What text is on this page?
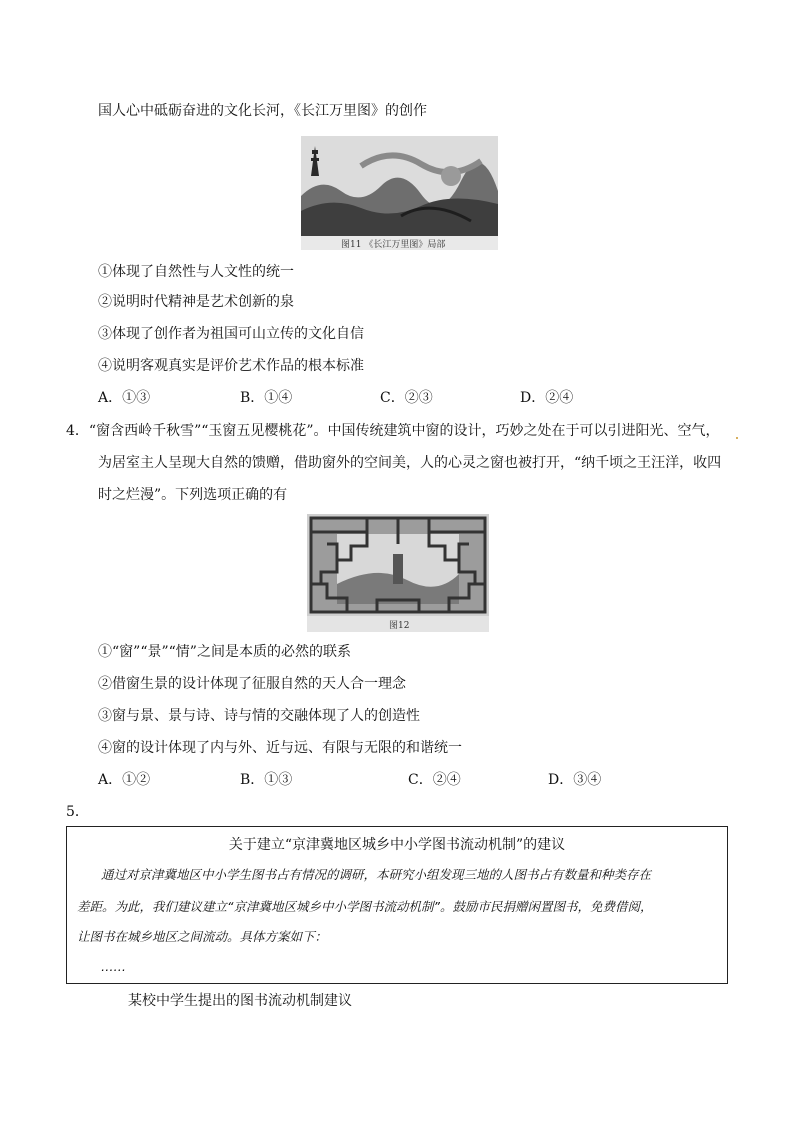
国人心中砥砺奋进的文化长河，《长江万里图》的创作
图11 《长江万里图》局部
①体现了自然性与人文性的统一
②说明时代精神是艺术创新的泉
③体现了创作者为祖国可山立传的文化自信
④说明客观真实是评价艺术作品的根本标准
A．①③	B．①④	C．②③	D．②④
4．“窗含西岭千秋雪”“玉窗五见樱桃花”。中国传统建筑中窗的设计，巧妙之处在于可以引进阳光、空气，
为居室主人呈现大自然的馈赠，借助窗外的空间美，人的心灵之窗也被打开，“纳千顷之王汪洋，收四
时之烂漫”。下列选项正确的有
图12
①“窗”“景”“情”之间是本质的必然的联系
②借窗生景的设计体现了征服自然的天人合一理念
③窗与景、景与诗、诗与情的交融体现了人的创造性
④窗的设计体现了内与外、近与远、有限与无限的和谐统一
A．①②	B．①③	C．②④	D．③④
5．
关于建立“京津冀地区城乡中小学图书流动机制”的建议
通过对京津冀地区中小学生图书占有情况的调研，本研究小组发现三地的人图书占有数量和种类存在
差距。为此，我们建议建立“京津冀地区城乡中小学图书流动机制”。鼓励市民捐赠闲置图书，免费借阅，
让图书在城乡地区之间流动。具体方案如下：
……
某校中学生提出的图书流动机制建议
